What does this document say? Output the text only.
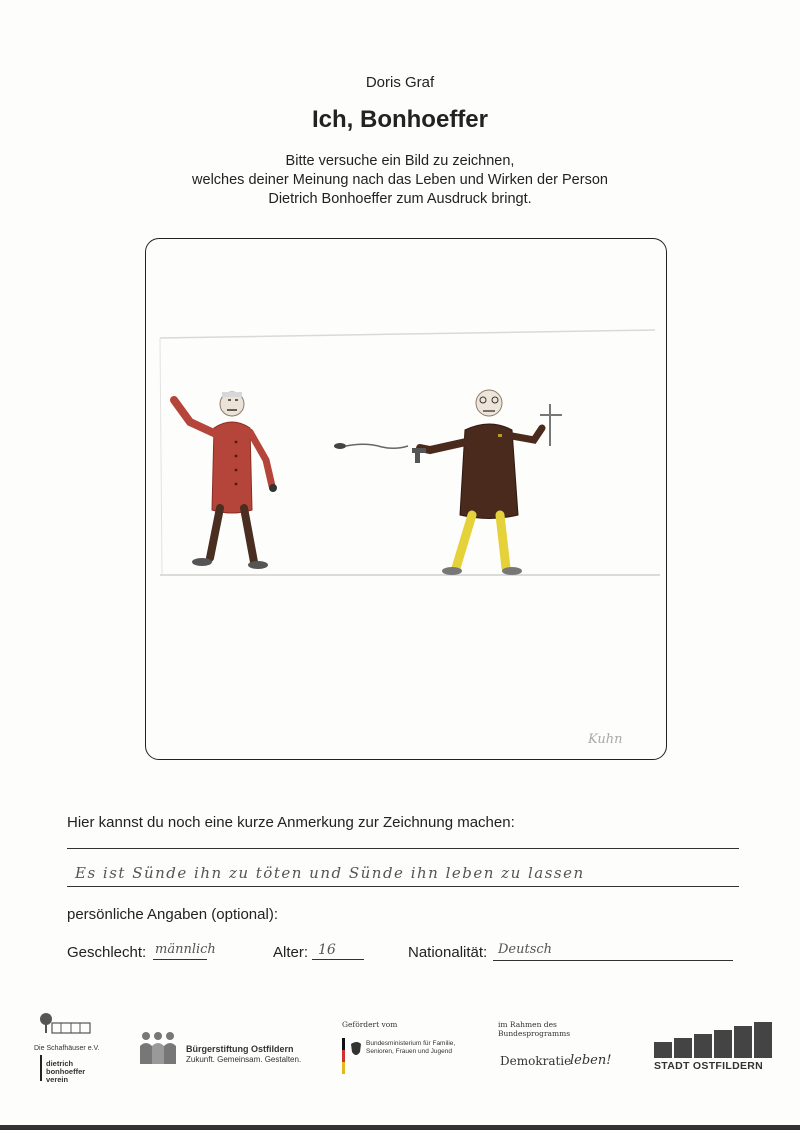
Doris Graf
Ich, Bonhoeffer
Bitte versuche ein Bild zu zeichnen,
welches deiner Meinung nach das Leben und Wirken der Person
Dietrich Bonhoeffer zum Ausdruck bringt.
Kuhn
Hier kannst du noch eine kurze Anmerkung zur Zeichnung machen:
Es ist Sünde ihn zu töten und Sünde ihn leben zu lassen
persönliche Angaben (optional):
Geschlecht: männlich	Alter: 16	Nationalität: Deutsch
Die Schafhäuser e.V.
dietrich bonhoeffer verein
Bürgerstiftung Ostfildern
Zukunft. Gemeinsam. Gestalten.
Gefördert vom
Bundesministerium für Familie, Senioren, Frauen und Jugend
im Rahmen des Bundesprogramms
Demokratie
leben!	STADT OSTFILDERN
